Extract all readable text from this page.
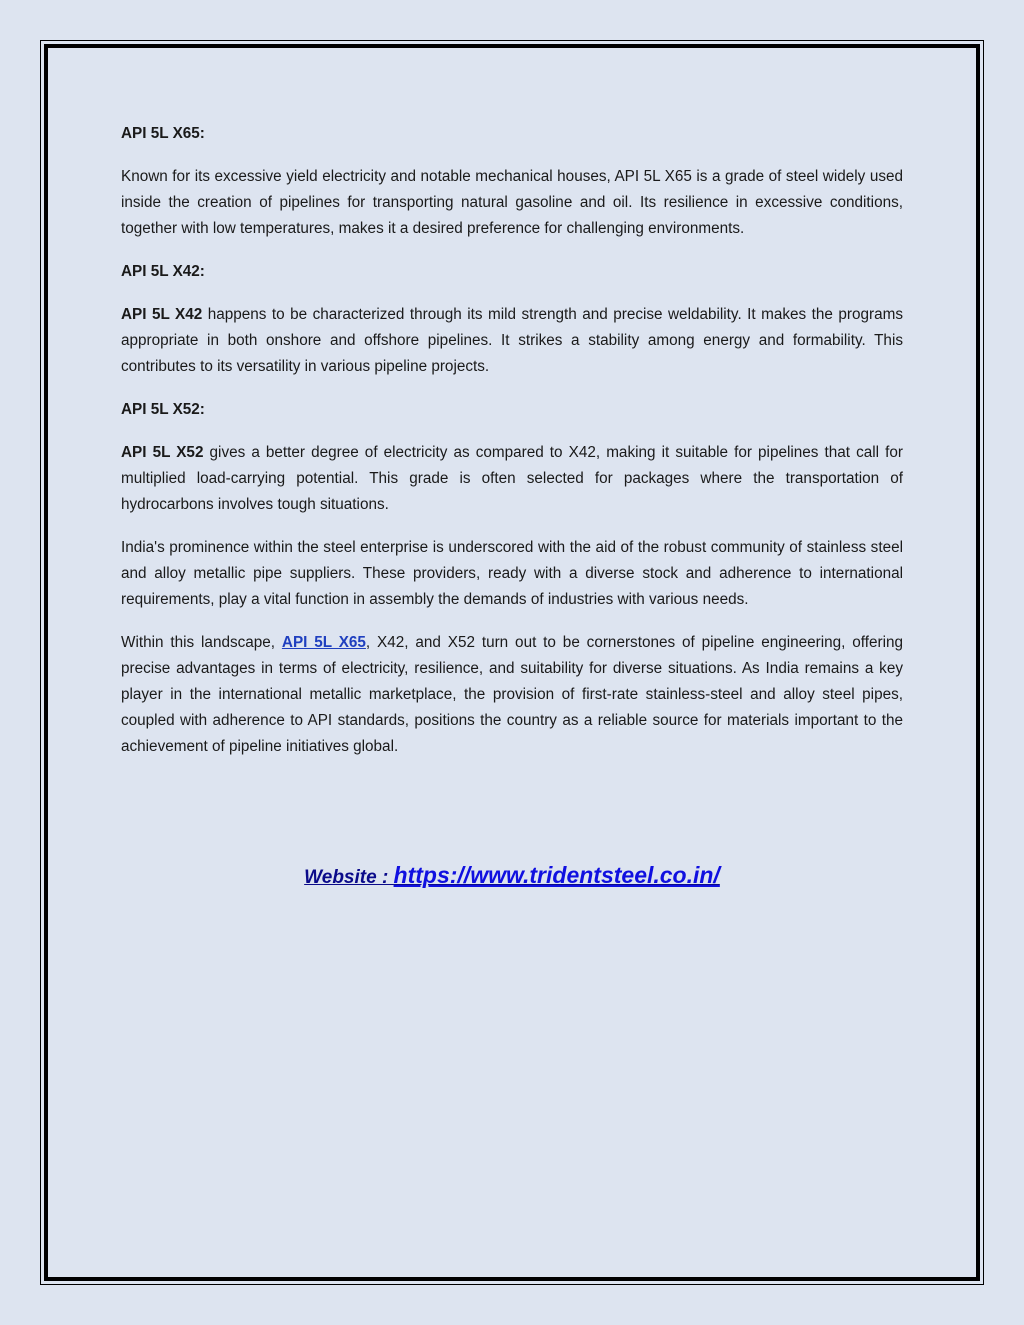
API 5L X65:

Known for its excessive yield electricity and notable mechanical houses, API 5L X65 is a grade of steel widely used inside the creation of pipelines for transporting natural gasoline and oil. Its resilience in excessive conditions, together with low temperatures, makes it a desired preference for challenging environments.

API 5L X42:

API 5L X42 happens to be characterized through its mild strength and precise weldability. It makes the programs appropriate in both onshore and offshore pipelines. It strikes a stability among energy and formability. This contributes to its versatility in various pipeline projects.

API 5L X52:

API 5L X52 gives a better degree of electricity as compared to X42, making it suitable for pipelines that call for multiplied load-carrying potential. This grade is often selected for packages where the transportation of hydrocarbons involves tough situations.

India's prominence within the steel enterprise is underscored with the aid of the robust community of stainless steel and alloy metallic pipe suppliers. These providers, ready with a diverse stock and adherence to international requirements, play a vital function in assembly the demands of industries with various needs.

Within this landscape, API 5L X65, X42, and X52 turn out to be cornerstones of pipeline engineering, offering precise advantages in terms of electricity, resilience, and suitability for diverse situations. As India remains a key player in the international metallic marketplace, the provision of first-rate stainless-steel and alloy steel pipes, coupled with adherence to API standards, positions the country as a reliable source for materials important to the achievement of pipeline initiatives global.

Website : https://www.tridentsteel.co.in/
